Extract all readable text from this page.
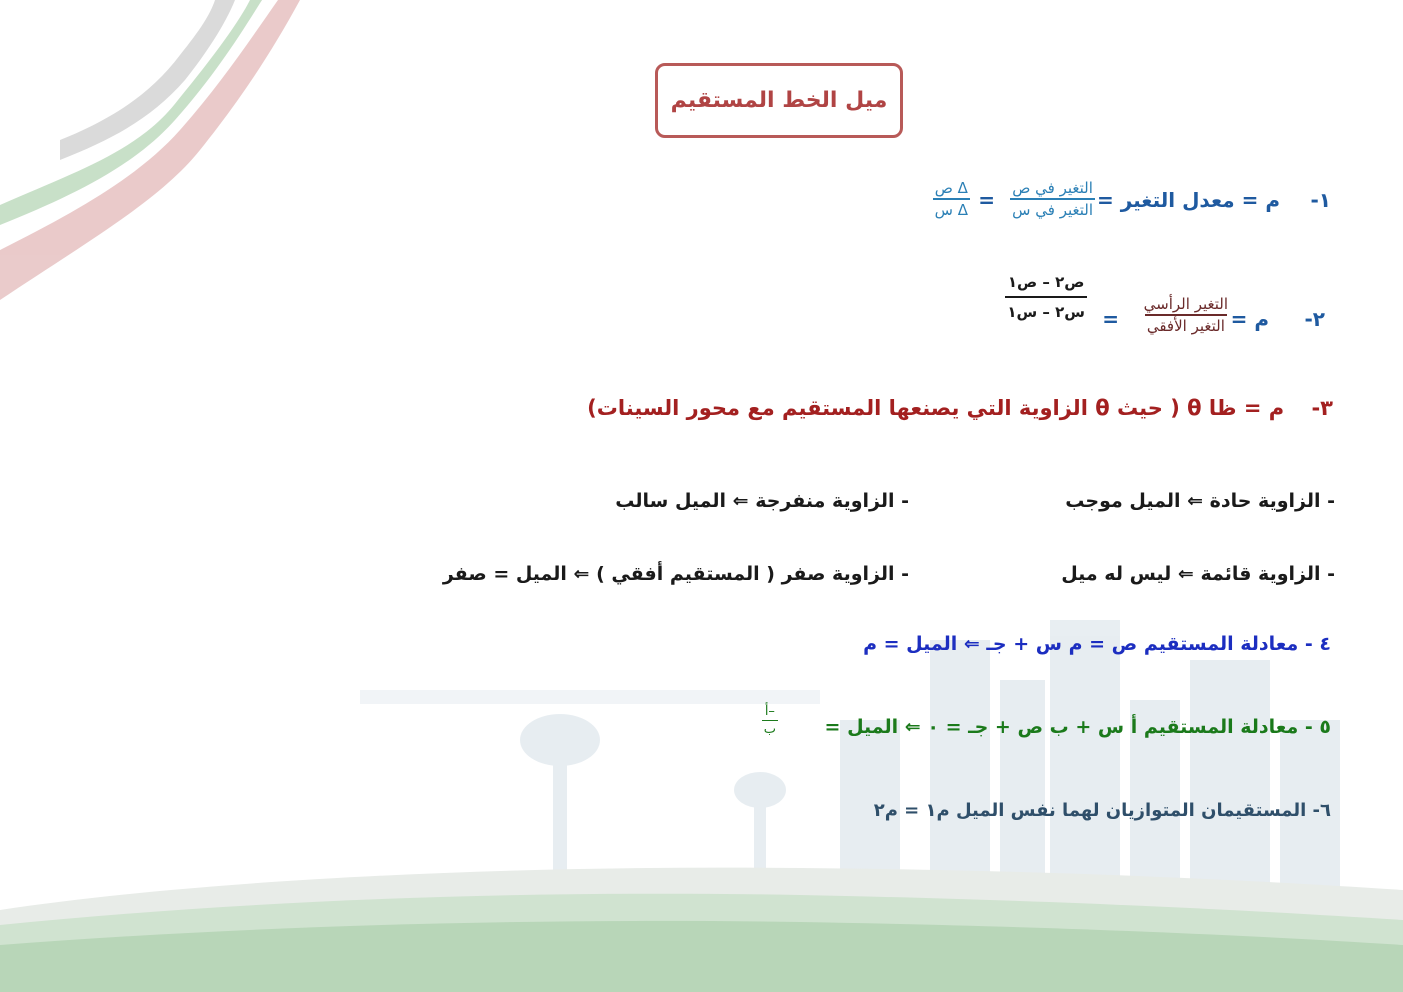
ميل الخط المستقيم
١-
م = معدل التغير =
التغير في ص
التغير في س
=
Δ ص
Δ س
٢-
م =
التغير الرأسي
التغير الأفقي
=
ص٢ – ص١
س٢ – س١
٣- م = ظا θ ( حيث θ الزاوية التي يصنعها المستقيم مع محور السينات)
- الزاوية حادة ⇐ الميل موجب
- الزاوية منفرجة ⇐ الميل سالب
- الزاوية قائمة ⇐ ليس له ميل
- الزاوية صفر ( المستقيم أفقي ) ⇐ الميل = صفر
٤ - معادلة المستقيم ص = م س + جـ ⇐ الميل = م
٥ - معادلة المستقيم أ س + ب ص + جـ = ٠ ⇐ الميل =
–أ
ب
٦- المستقيمان المتوازيان لهما نفس الميل م١ = م٢
